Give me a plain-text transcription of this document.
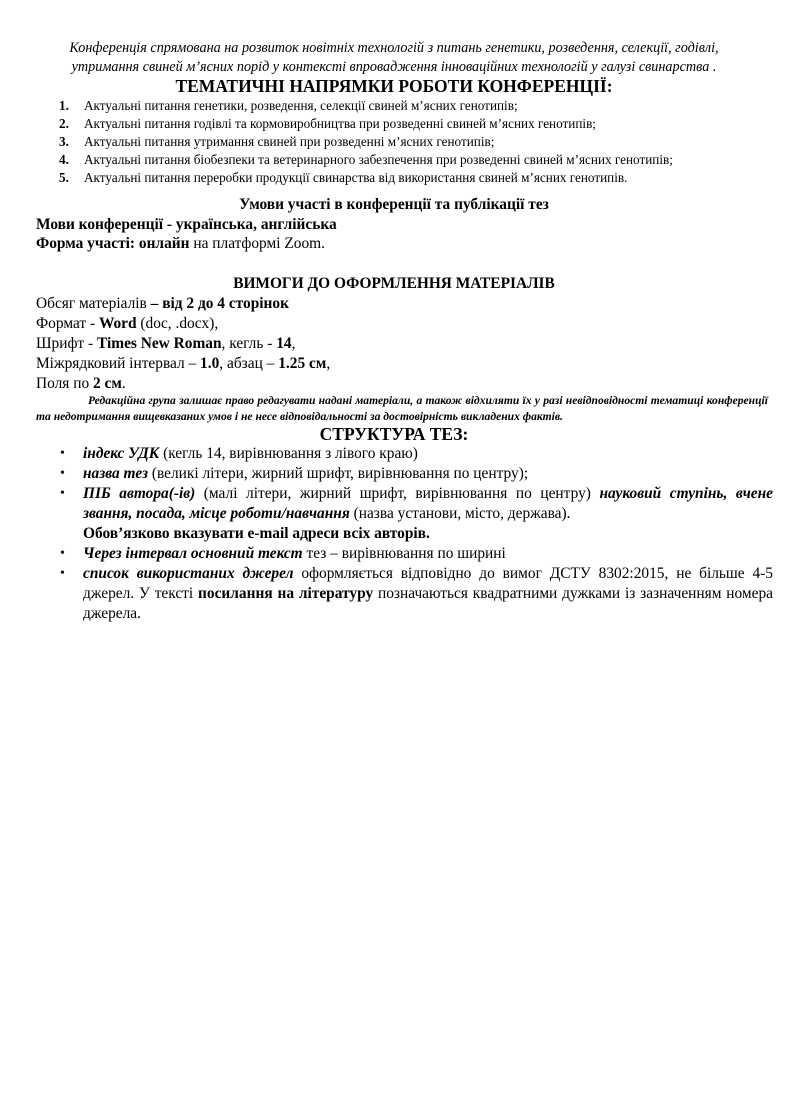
Конференція спрямована на розвиток новітніх технологій з питань генетики, розведення, селекції, годівлі, утримання свиней м’ясних порід у контексті впровадження інноваційних технологій у галузі свинарства .
ТЕМАТИЧНІ НАПРЯМКИ РОБОТИ КОНФЕРЕНЦІЇ:
1. Актуальні питання генетики, розведення, селекції свиней м’ясних генотипів;
2. Актуальні питання годівлі та кормовиробництва при розведенні свиней м’ясних генотипів;
3. Актуальні питання утримання свиней при розведенні м’ясних генотипів;
4. Актуальні питання біобезпеки та ветеринарного забезпечення при розведенні свиней м’ясних генотипів;
5. Актуальні питання переробки продукції свинарства від використання свиней м’ясних генотипів.
Умови участі в конференції та публікації тез
Мови конференції - українська, англійська
Форма участі: онлайн на платформі Zoom.
ВИМОГИ ДО ОФОРМЛЕННЯ МАТЕРІАЛІВ
Обсяг матеріалів – від 2 до 4 сторінок
Формат - Word (doc, .docx),
Шрифт - Times New Roman, кегль - 14,
Міжрядковий інтервал – 1.0, абзац – 1.25 см,
Поля по 2 см.
Редакційна група залишає право редагувати надані матеріали, а також відхиляти їх у разі невідповідності тематиці конференції та недотримання вищевказаних умов і не несе відповідальності за достовірність викладених фактів.
СТРУКТУРА ТЕЗ:
• індекс УДК (кегль 14, вирівнювання з лівого краю)
• назва тез (великі літери, жирний шрифт, вирівнювання по центру);
• ПІБ автора(-ів) (малі літери, жирний шрифт, вирівнювання по центру) науковий ступінь, вчене звання, посада, місце роботи/навчання (назва установи, місто, держава).
Обов’язково вказувати e-mail адреси всіх авторів.
• Через інтервал основний текст тез – вирівнювання по ширині
• список використаних джерел оформляється відповідно до вимог ДСТУ 8302:2015, не більше 4-5 джерел. У тексті посилання на літературу позначаються квадратними дужками із зазначенням номера джерела.
